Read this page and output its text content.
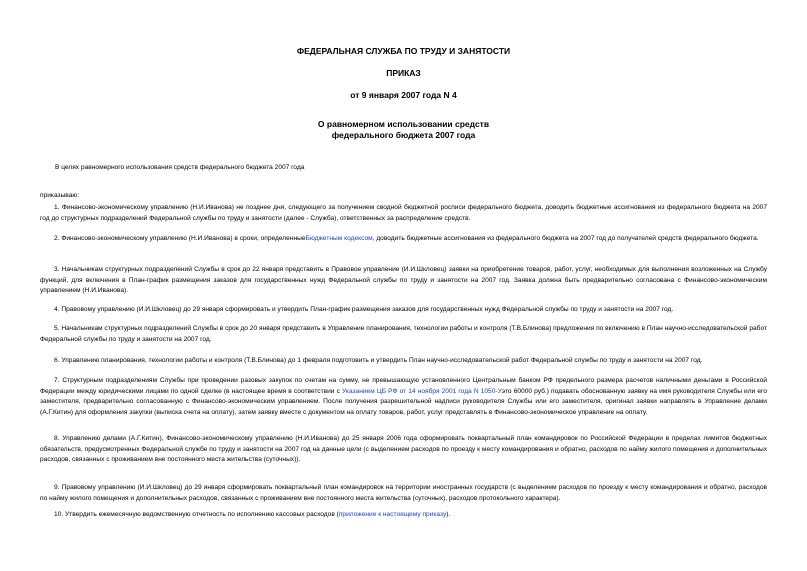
ФЕДЕРАЛЬНАЯ СЛУЖБА ПО ТРУДУ И ЗАНЯТОСТИ
ПРИКАЗ
от 9 января 2007 года N 4
О равномерном использовании средств
федерального бюджета 2007 года
В целях равномерного использования средств федерального бюджета 2007 года
приказываю:
1. Финансово-экономическому управлению (Н.И.Иванова) не позднее дня, следующего за получением сводной бюджетной росписи федерального бюджета, доводить бюджетные ассигнования из федерального бюджета на 2007 год до структурных подразделений Федеральной службы по труду и занятости (далее - Служба), ответственных за распределение средств.
2. Финансово-экономическому управлению (Н.И.Иванова) в сроки, определенныеБюджетным кодексом, доводить бюджетные ассигнования из федерального бюджета на 2007 год до получателей средств федерального бюджета.
3. Начальникам структурных подразделений Службы в срок до 22 января представить в Правовое управление (И.И.Шкловец) заявки на приобретение товаров, работ, услуг, необходимых для выполнения возложенных на Службу функций, для включения в План-график размещения заказов для государственных нужд Федеральной службы по труду и занятости на 2007 год. Заявка должна быть предварительно согласована с Финансово-экономическим управлением (Н.И.Иванова).
4. Правовому управлению (И.И.Шкловец) до 29 января сформировать и утвердить План-график размещения заказов для государственных нужд Федеральной службы по труду и занятости на 2007 год.
5. Начальникам структурных подразделений Службы в срок до 20 января представить в Управление планирования, технологии работы и контроля (Т.В.Блинова) предложения по включению в План научно-исследовательской работ Федеральной службы по труду и занятости на 2007 год.
6. Управлению планирования, технологии работы и контроля (Т.В.Блинова) до 1 февраля подготовить и утвердить План научно-исследовательской работ Федеральной службы по труду и занятости на 2007 год.
7. Структурным подразделениям Службы при проведении разовых закупок по счетам на сумму, не превышающую установленного Центральным банком РФ предельного размера расчетов наличными деньгами в Российской Федерации между юридическими лицами по одной сделке (в настоящее время в соответствии с Указанием ЦБ РФ от 14 ноября 2001 года N 1050-Уэто 60000 руб.) подавать обоснованную заявку на имя руководителя Службы или его заместителя, предварительно согласованную с Финансово-экономическим управлением. После получения разрешительной надписи руководителя Службы или его заместителя, оригинал заявки направлять в Управление делами (А.Г.Китин) для оформления закупки (выписка счета на оплату), затем заявку вместе с документом на оплату товаров, работ, услуг представлять в Финансово-экономическое управление на оплату.
8. Управлению делами (А.Г.Китин), Финансово-экономическому управлению (Н.И.Иванова) до 25 января 2006 года сформировать поквартальный план командировок по Российской Федерации в пределах лимитов бюджетных обязательств, предусмотренных Федеральной службе по труду и занятости на 2007 год на данные цели (с выделением расходов по проезду к месту командирования и обратно, расходов по найму жилого помещения и дополнительных расходов, связанных с проживанием вне постоянного места жительства (суточных)).
9. Правовому управлению (И.И.Шкловец) до 29 января сформировать поквартальный план командировок на территории иностранных государств (с выделением расходов по проезду к месту командирования и обратно, расходов по найму жилого помещения и дополнительных расходов, связанных с проживанием вне постоянного места жительства (суточных), расходов протокольного характера).
10. Утвердить ежемесячную ведомственную отчетность по исполнению кассовых расходов (приложение к настоящему приказу).
